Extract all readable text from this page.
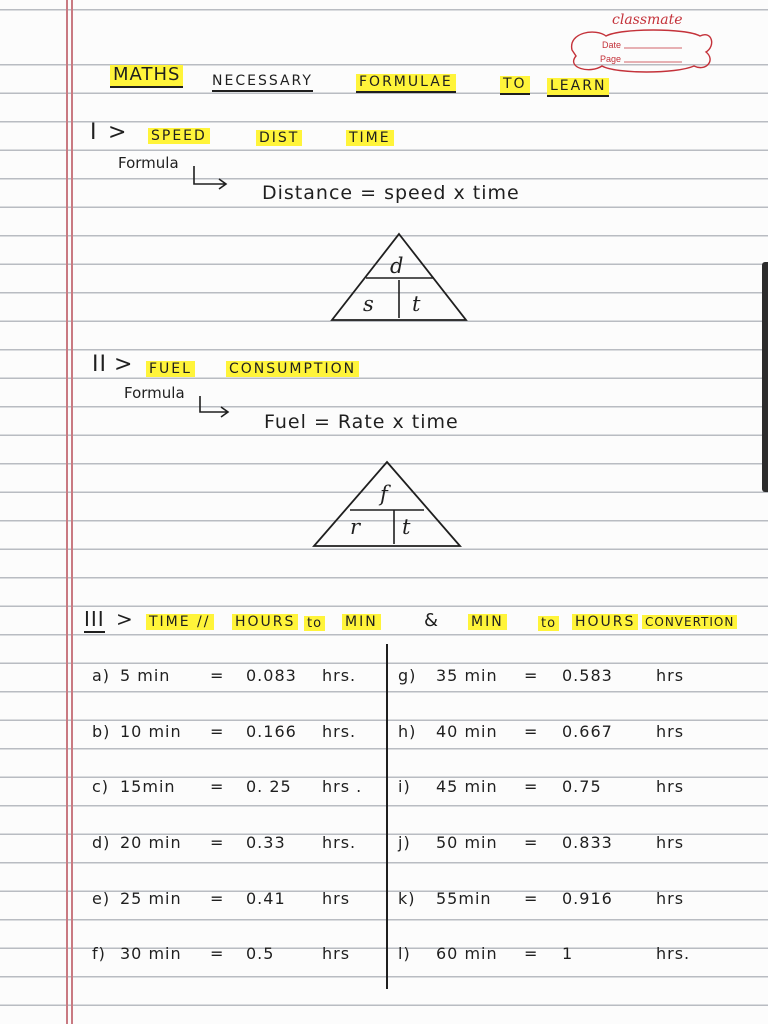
classmate
Date
Page
MATHS NECESSARY	FORMULAE	TO LEARN
I > SPEED	DIST	TIME
Formula
Distance = speed x time
d
s t
II > FUEL	CONSUMPTION
Formula
Fuel = Rate x time
f
r t
III > TIME // HOURS to MIN	& MIN	to HOURS CONVERTION
a) 5 min = 0.083 hrs.
b) 10 min = 0.166 hrs.
c) 15min = 0. 25 hrs .
d) 20 min = 0.33 hrs.
e) 25 min = 0.41 hrs
f) 30 min = 0.5	hrs
g) 35 min = 0.583	hrs
h) 40 min = 0.667	hrs
i) 45 min = 0.75	hrs
j) 50 min = 0.833	hrs
k) 55min = 0.916	hrs
l) 60 min = 1	hrs.
